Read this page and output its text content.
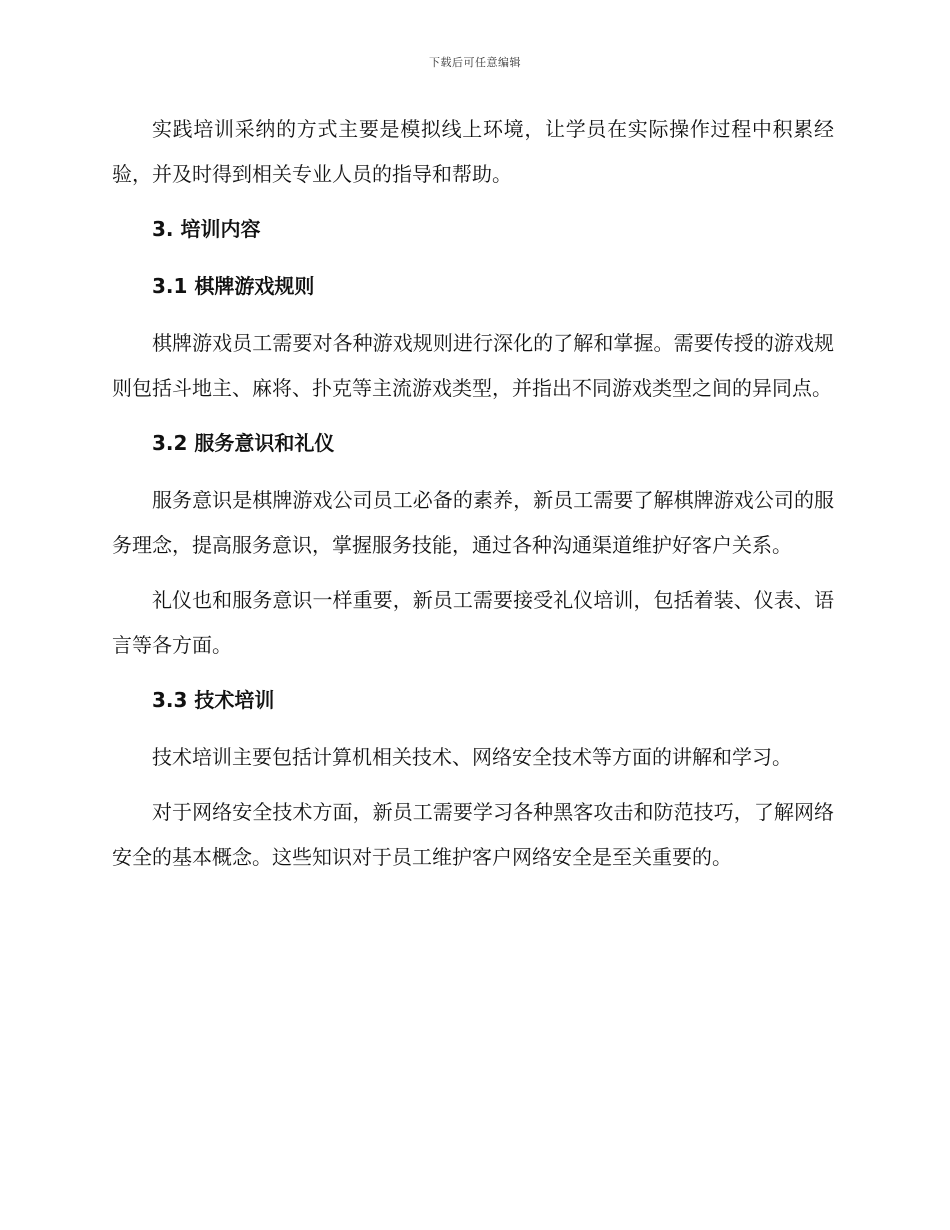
下载后可任意编辑

实践培训采纳的方式主要是模拟线上环境，让学员在实际操作过程中积累经验，并及时得到相关专业人员的指导和帮助。

3. 培训内容
3.1 棋牌游戏规则

棋牌游戏员工需要对各种游戏规则进行深化的了解和掌握。需要传授的游戏规则包括斗地主、麻将、扑克等主流游戏类型，并指出不同游戏类型之间的异同点。

3.2 服务意识和礼仪

服务意识是棋牌游戏公司员工必备的素养，新员工需要了解棋牌游戏公司的服务理念，提高服务意识，掌握服务技能，通过各种沟通渠道维护好客户关系。

礼仪也和服务意识一样重要，新员工需要接受礼仪培训，包括着装、仪表、语言等各方面。

3.3 技术培训

技术培训主要包括计算机相关技术、网络安全技术等方面的讲解和学习。

对于网络安全技术方面，新员工需要学习各种黑客攻击和防范技巧，了解网络安全的基本概念。这些知识对于员工维护客户网络安全是至关重要的。
